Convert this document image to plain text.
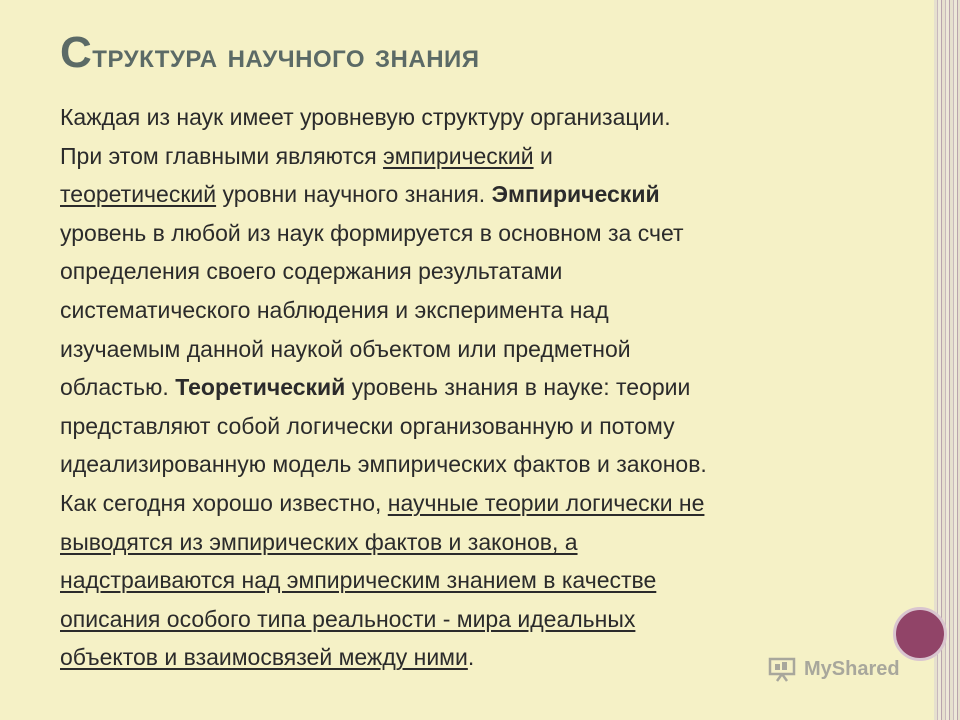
Структура научного знания

Каждая из наук имеет уровневую структуру организации.
При этом главными являются эмпирический и
теоретический уровни научного знания. Эмпирический
уровень в любой из наук формируется в основном за счет
определения своего содержания результатами
систематического наблюдения и эксперимента над
изучаемым данной наукой объектом или предметной
областью. Теоретический уровень знания в науке: теории
представляют собой логически организованную и потому
идеализированную модель эмпирических фактов и законов.
Как сегодня хорошо известно, научные теории логически не
выводятся из эмпирических фактов и законов, а
надстраиваются над эмпирическим знанием в качестве
описания особого типа реальности - мира идеальных
объектов и взаимосвязей между ними.	MyShared
